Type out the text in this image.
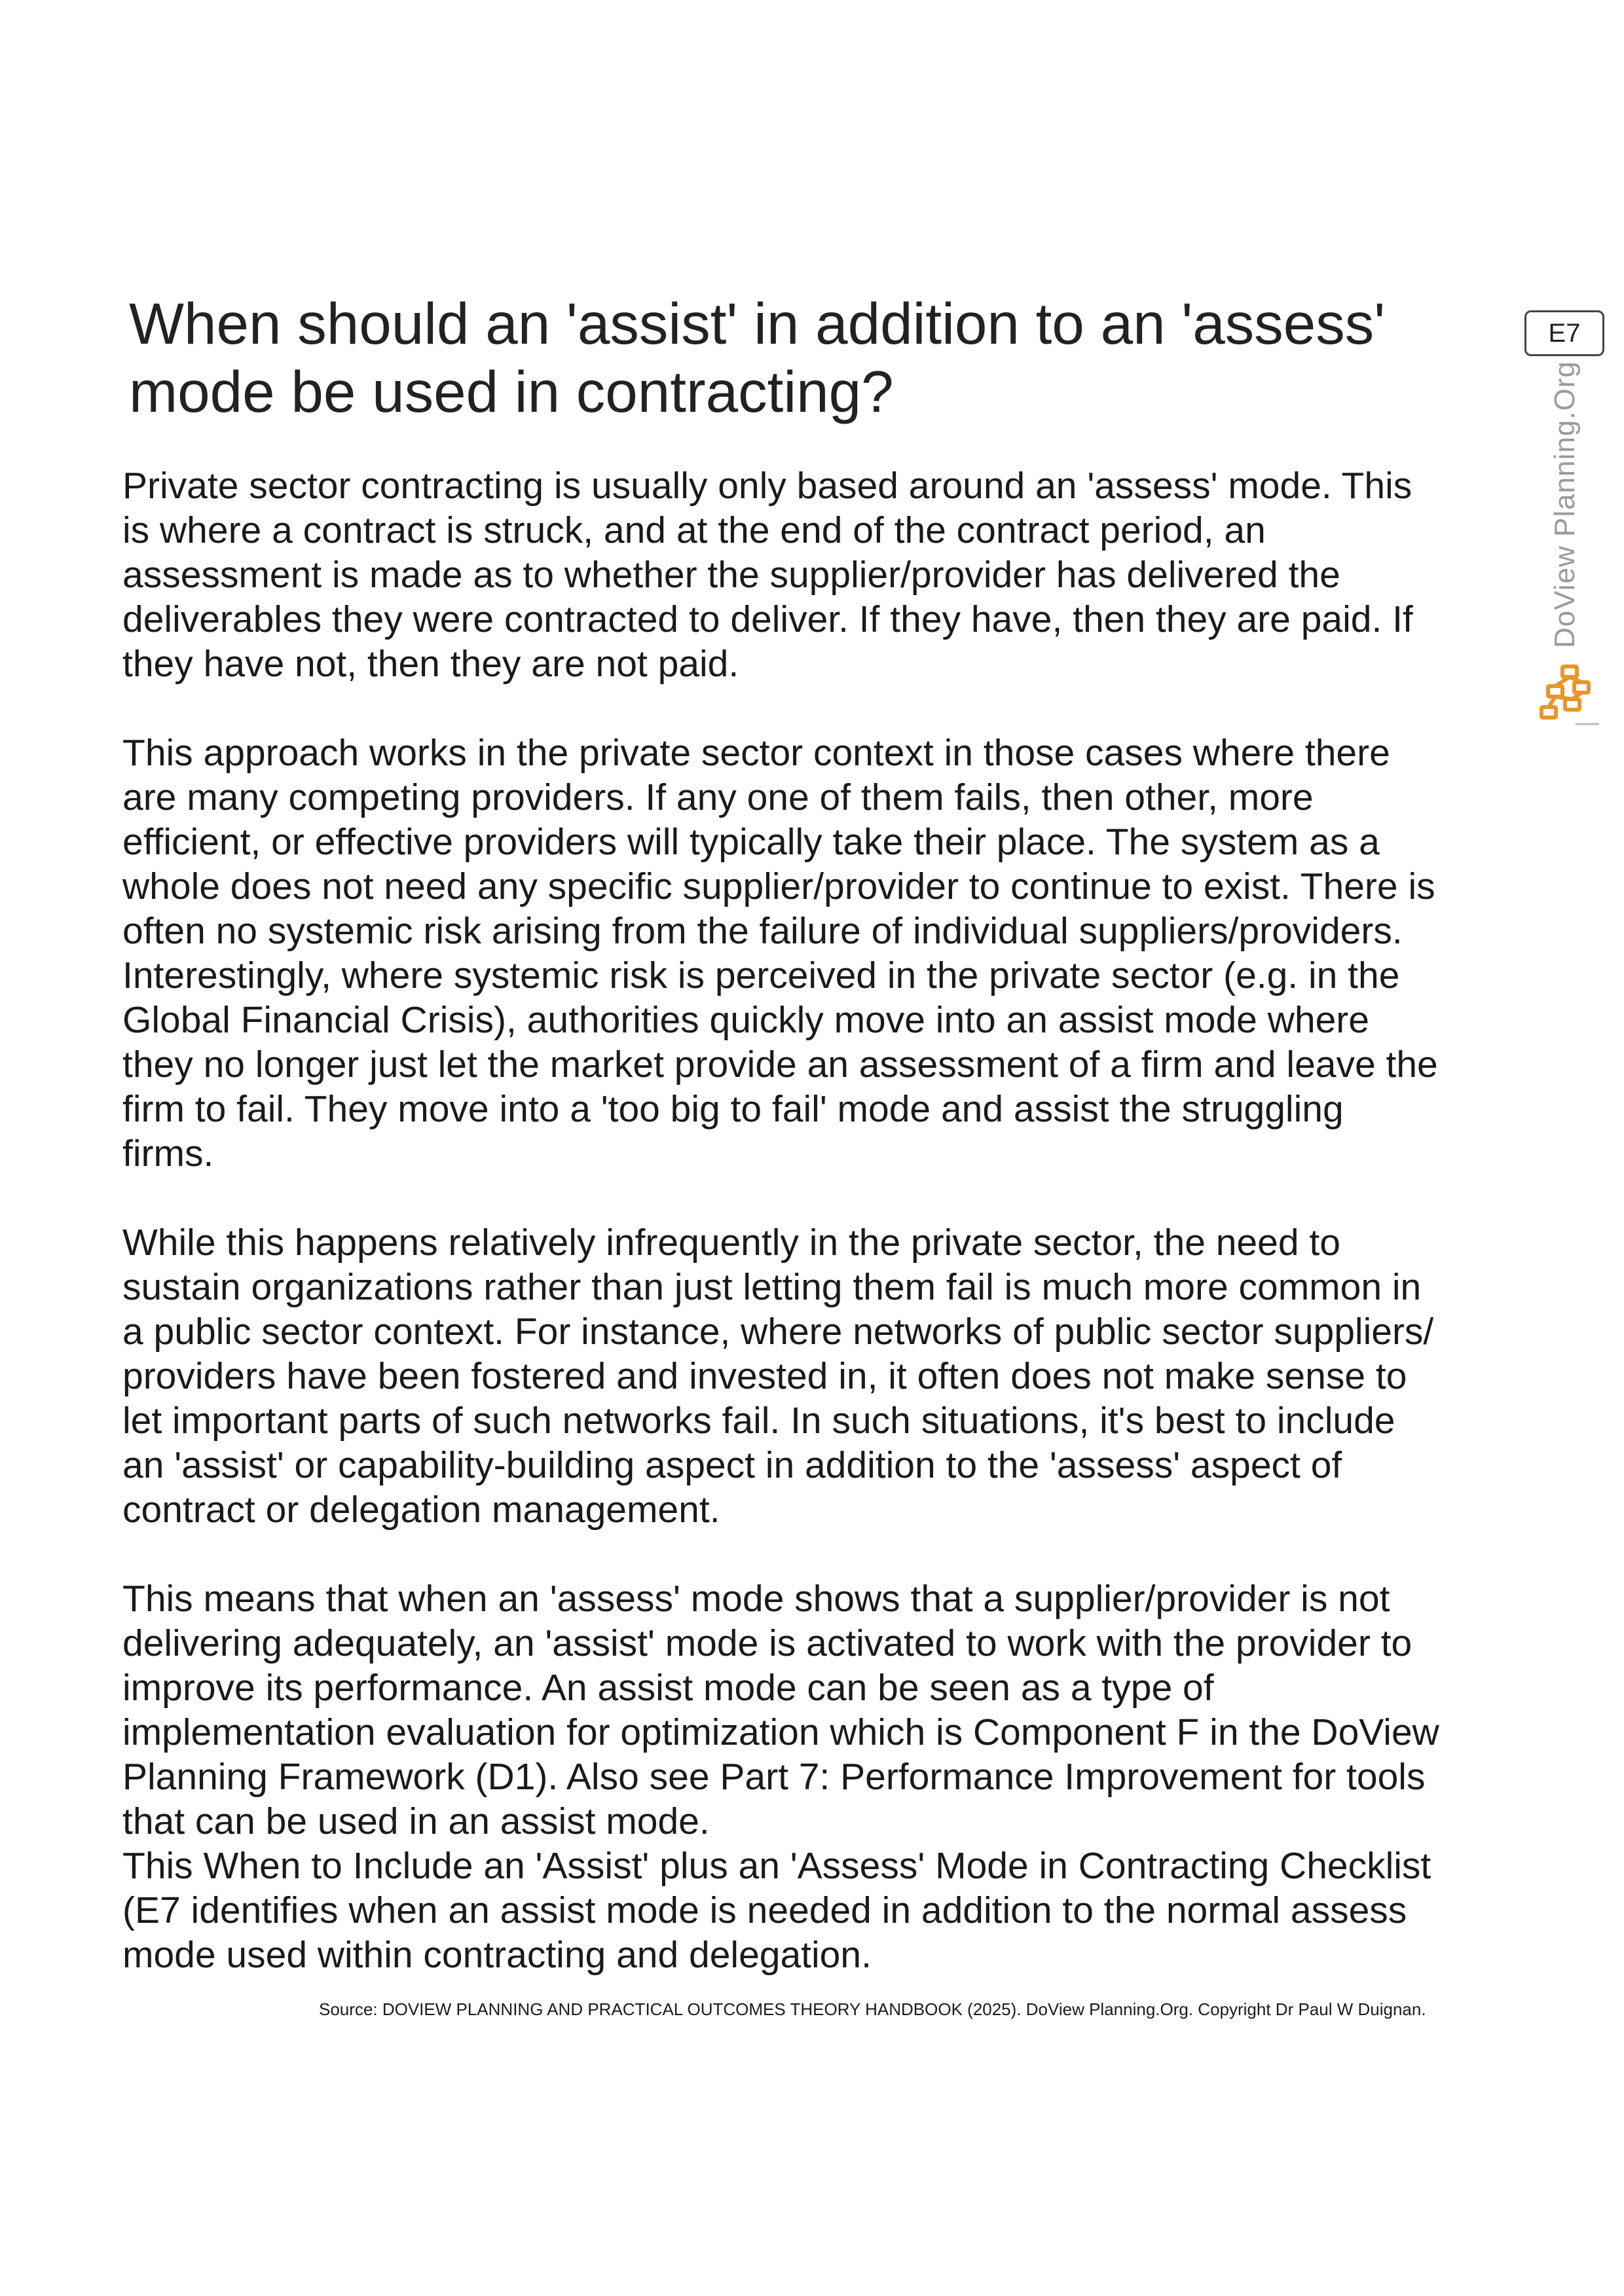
When should an 'assist' in addition to an 'assess'
mode be used in contracting?
E7
DoView Planning.Org

Private sector contracting is usually only based around an 'assess' mode. This
is where a contract is struck, and at the end of the contract period, an
assessment is made as to whether the supplier/provider has delivered the
deliverables they were contracted to deliver. If they have, then they are paid. If
they have not, then they are not paid.

This approach works in the private sector context in those cases where there
are many competing providers. If any one of them fails, then other, more
efficient, or effective providers will typically take their place. The system as a
whole does not need any specific supplier/provider to continue to exist. There is
often no systemic risk arising from the failure of individual suppliers/providers.
Interestingly, where systemic risk is perceived in the private sector (e.g. in the
Global Financial Crisis), authorities quickly move into an assist mode where
they no longer just let the market provide an assessment of a firm and leave the
firm to fail. They move into a 'too big to fail' mode and assist the struggling
firms.

While this happens relatively infrequently in the private sector, the need to
sustain organizations rather than just letting them fail is much more common in
a public sector context. For instance, where networks of public sector suppliers/
providers have been fostered and invested in, it often does not make sense to
let important parts of such networks fail. In such situations, it's best to include
an 'assist' or capability-building aspect in addition to the 'assess' aspect of
contract or delegation management.

This means that when an 'assess' mode shows that a supplier/provider is not
delivering adequately, an 'assist' mode is activated to work with the provider to
improve its performance. An assist mode can be seen as a type of
implementation evaluation for optimization which is Component F in the DoView
Planning Framework (D1). Also see Part 7: Performance Improvement for tools
that can be used in an assist mode.

This When to Include an 'Assist' plus an 'Assess' Mode in Contracting Checklist
(E7 identifies when an assist mode is needed in addition to the normal assess
mode used within contracting and delegation.

Source: DOVIEW PLANNING AND PRACTICAL OUTCOMES THEORY HANDBOOK (2025). DoView Planning.Org. Copyright Dr Paul W Duignan.
